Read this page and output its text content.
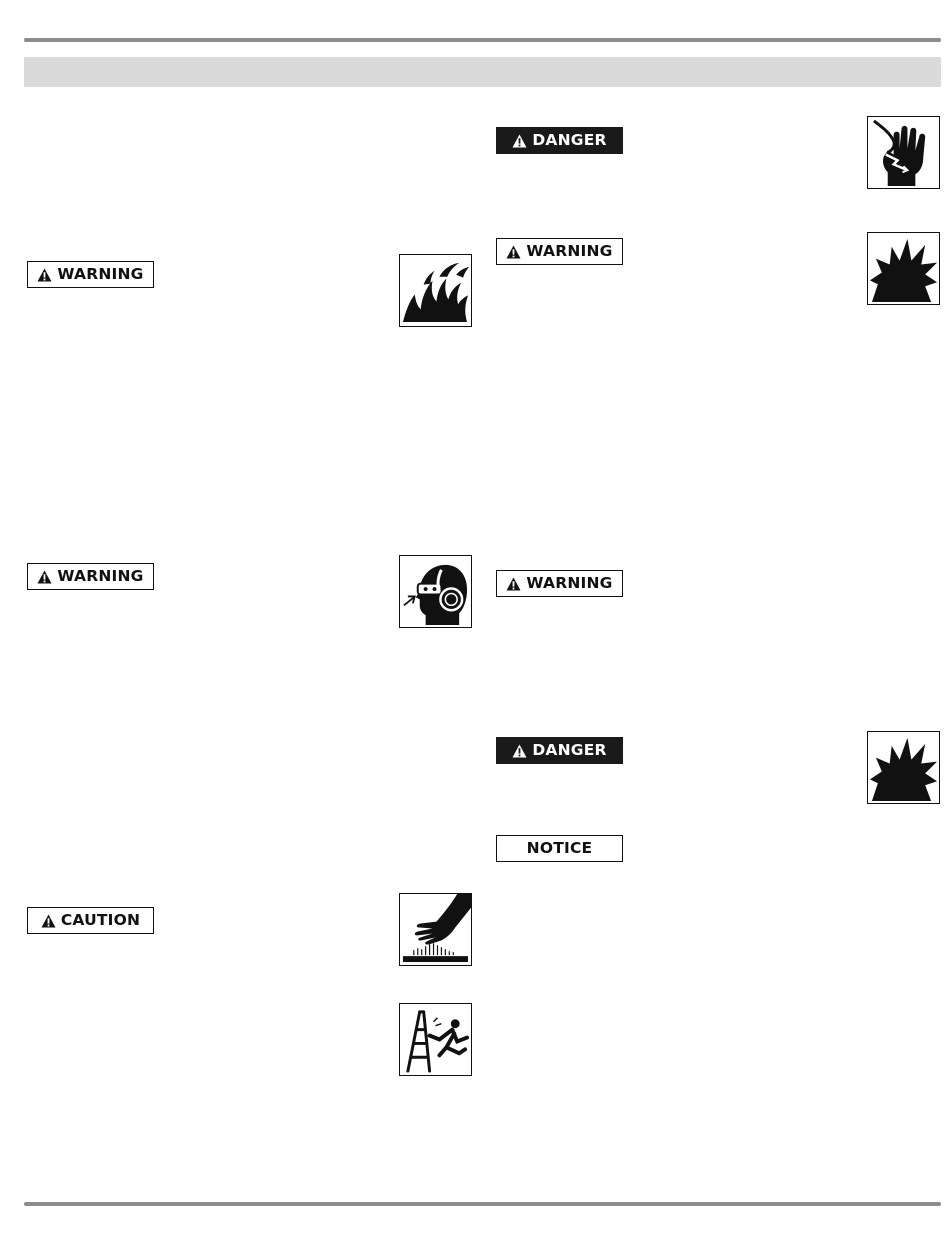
WARNING
WARNING
CAUTION
DANGER
WARNING
WARNING
DANGER
NOTICE
